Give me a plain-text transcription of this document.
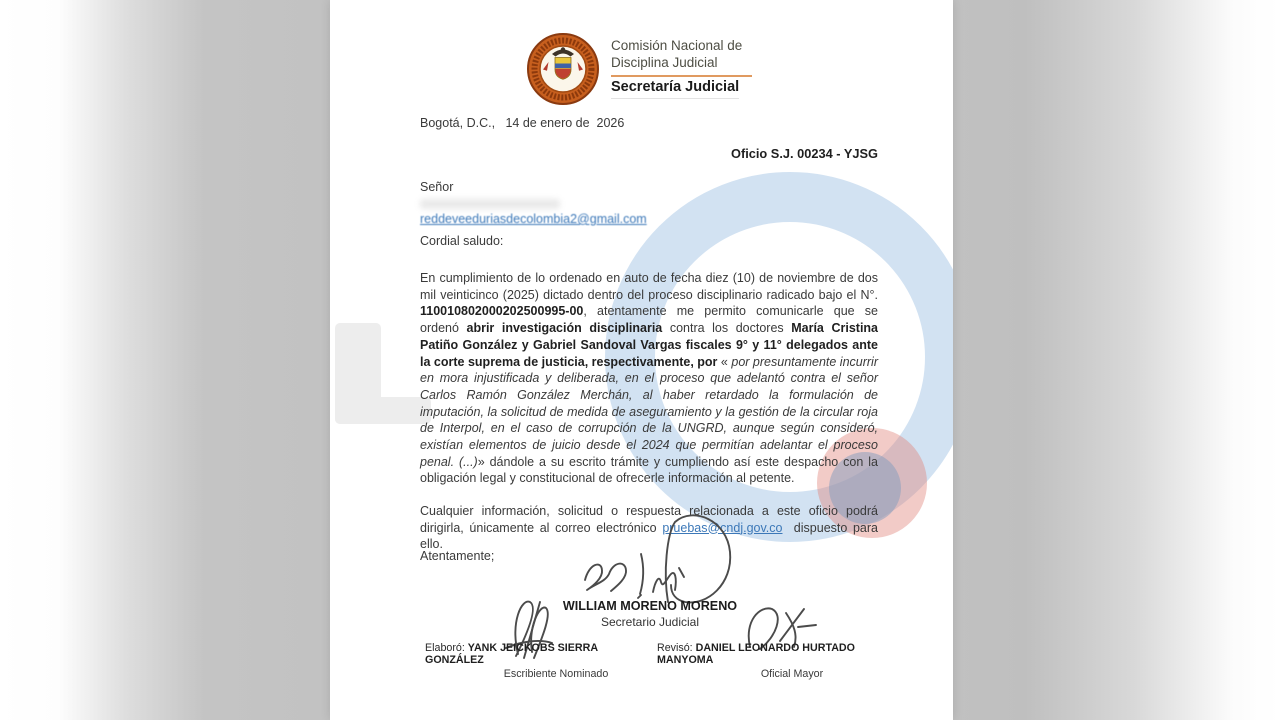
Comisión Nacional de
Disciplina Judicial
Secretaría Judicial
Bogotá, D.C.,   14 de enero de  2026
Oficio S.J. 00234 - YJSG
Señor
reddeveeduriasdecolombia2@gmail.com
Cordial saludo:
En cumplimiento de lo ordenado en auto de fecha diez (10) de noviembre de dos mil veinticinco (2025) dictado dentro del proceso disciplinario radicado bajo el N°. 110010802000202500995-00, atentamente me permito comunicarle que se ordenó abrir investigación disciplinaria contra los doctores María Cristina Patiño González y Gabriel Sandoval Vargas fiscales 9° y 11° delegados ante la corte suprema de justicia, respectivamente, por « por presuntamente incurrir en mora injustificada y deliberada, en el proceso que adelantó contra el señor Carlos Ramón González Merchán, al haber retardado la formulación de imputación, la solicitud de medida de aseguramiento y la gestión de la circular roja de Interpol, en el caso de corrupción de la UNGRD, aunque según consideró, existían elementos de juicio desde el 2024 que permitían adelantar el proceso penal. (...)» dándole a su escrito trámite y cumpliendo así este despacho con la obligación legal y constitucional de ofrecerle información al petente.
Cualquier información, solicitud o respuesta relacionada a este oficio podrá dirigirla, únicamente al correo electrónico pruebas@cndj.gov.co  dispuesto para ello.
Atentamente;
WILLIAM MORENO MORENO
Secretario Judicial
Elaboró: YANK JEICKOBS SIERRA GONZÁLEZ
Escribiente Nominado
Revisó: DANIEL LEONARDO HURTADO MANYOMA
Oficial Mayor
